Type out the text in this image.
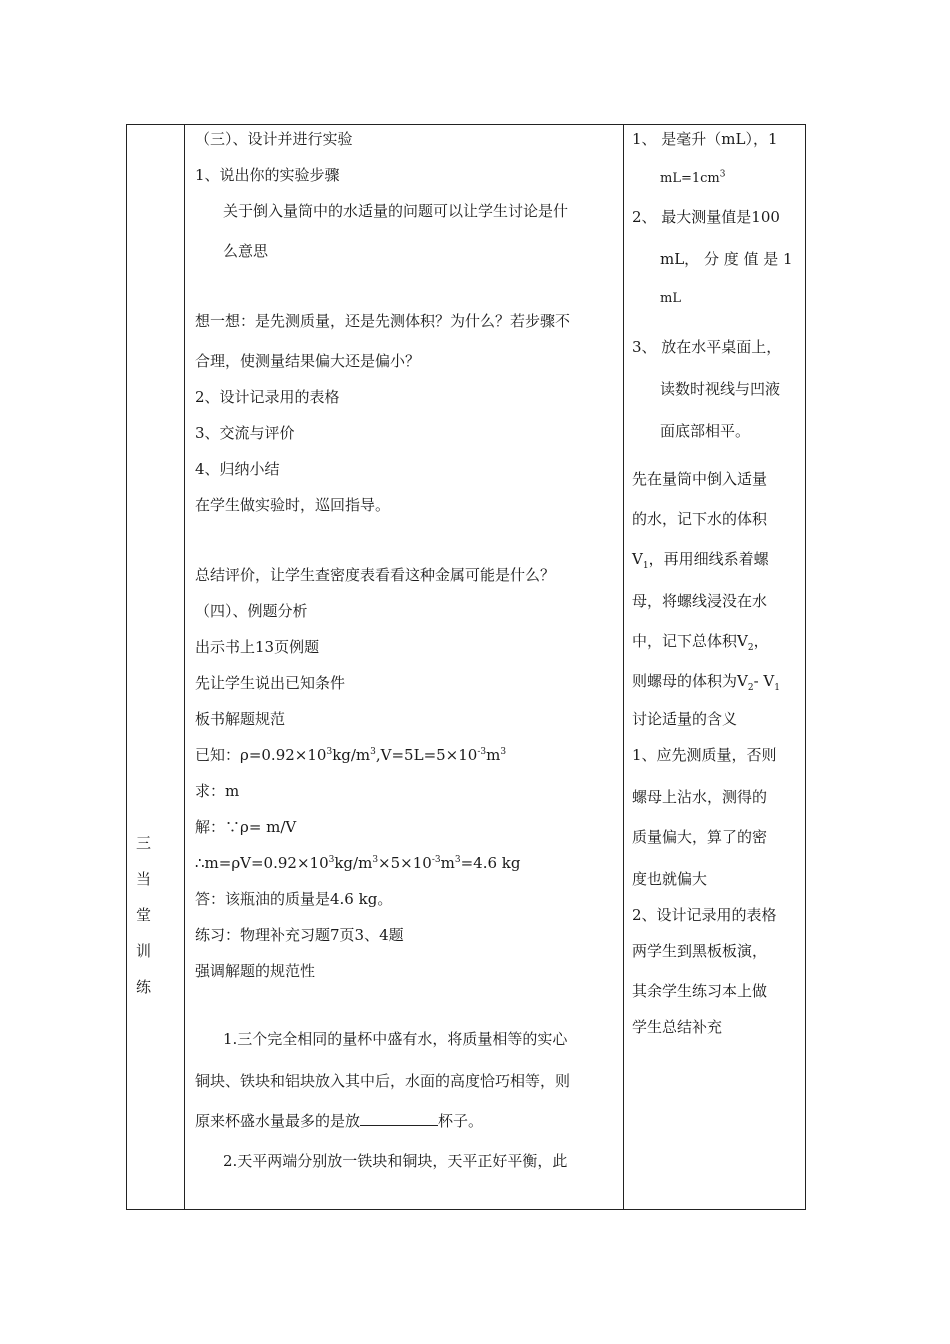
三 当 堂 训 练
（三）、设计并进行实验
1、说出你的实验步骤
关于倒入量筒中的水适量的问题可以让学生讨论是什
么意思
想一想：是先测质量，还是先测体积？为什么？若步骤不
合理，使测量结果偏大还是偏小？
2、设计记录用的表格
3、交流与评价
4、归纳小结
在学生做实验时，巡回指导。
总结评价，让学生查密度表看看这种金属可能是什么？
（四）、例题分析
出示书上13页例题
先让学生说出已知条件
板书解题规范
已知：$\rho=0.92\times 10^3kg/m^3,V=5L=5\times 10^{-3}m^3$
求：m
解：∵ρ= m/V
$\therefore m=\rho V=0.92\times 10^3kg/m^3\times 5\times 10^{-3}m^3=4.6$ kg
答：该瓶油的质量是4.6 kg。
练习：物理补充习题7页3、4题
强调解题的规范性
1.三个完全相同的量杯中盛有水，将质量相等的实心
铜块、铁块和铝块放入其中后，水面的高度恰巧相等，则
原来杯盛水量最多的是放	杯子。
2.天平两端分别放一铁块和铜块，天平正好平衡，此
1、 是毫升（mL），1
$mL=1cm^3$
2、 最大测量值是100
mL， 分 度 值 是 1
mL
3、 放在水平桌面上，
读数时视线与凹液
面底部相平。
先在量筒中倒入适量
的水，记下水的体积
$V_1$，再用细线系着螺
母，将螺线浸没在水
中，记下总体积$V_2$，
则螺母的体积为$V_2-$ $V_1$
讨论适量的含义
1、应先测质量，否则
螺母上沾水，测得的
质量偏大，算了的密
度也就偏大
2、设计记录用的表格
两学生到黑板板演，
其余学生练习本上做
学生总结补充
